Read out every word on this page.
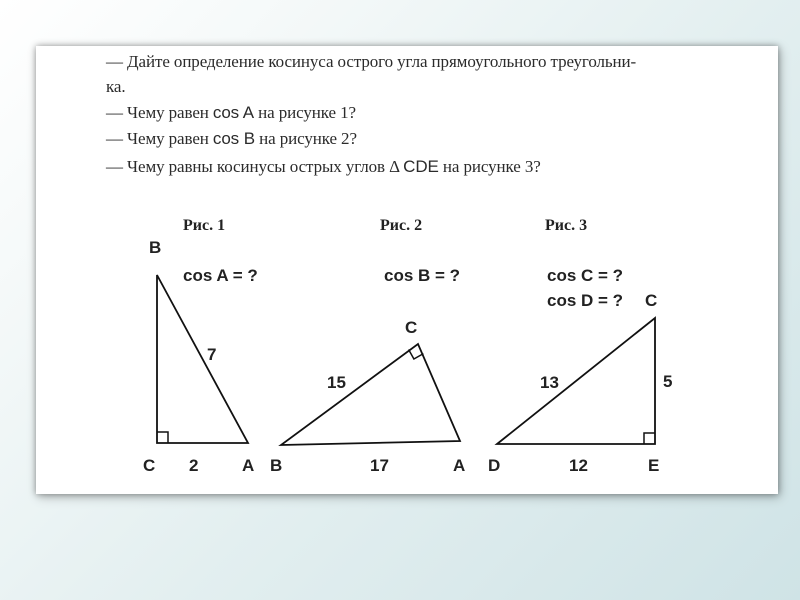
— Дайте определение косинуса острого угла прямоугольного треугольни-

ка.

— Чему равен cos A на рисунке 1?

— Чему равен cos B на рисунке 2?

— Чему равны косинусы острых углов Δ CDE на рисунке 3?

Рис. 1
cos A = ?
B
C	A
7
2
Рис. 2
cos B = ?
C
B	A
15
17
Рис. 3
cos C = ?
cos D = ? C
D	E
13	5
12
